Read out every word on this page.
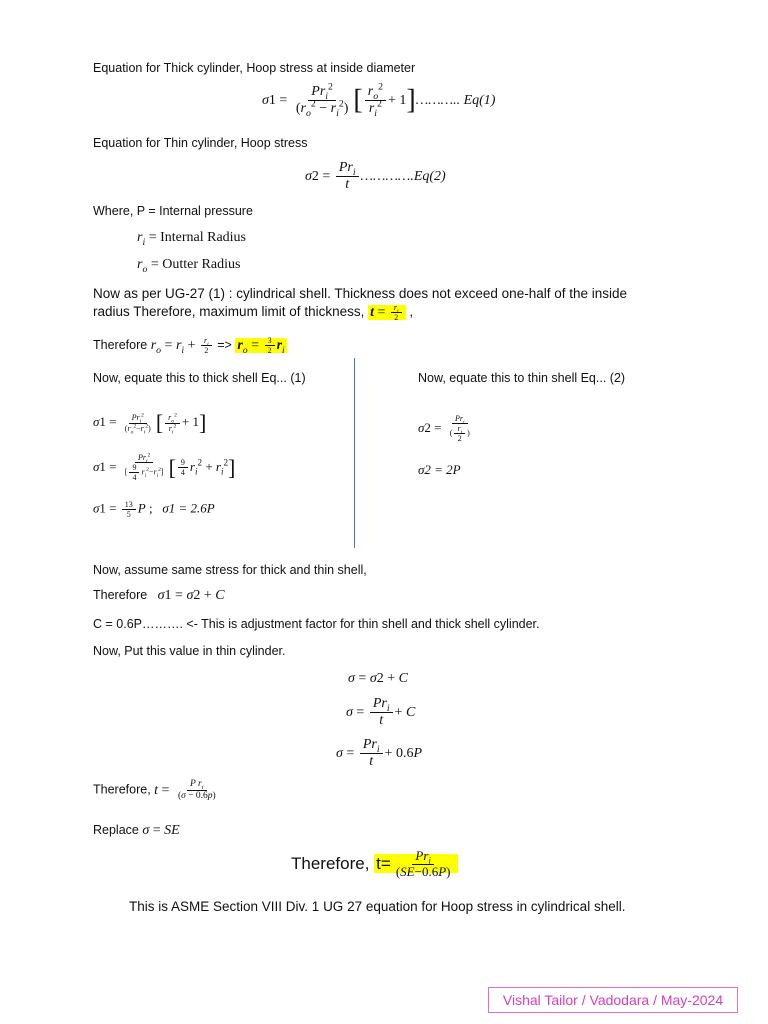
Equation for Thick cylinder, Hoop stress at inside diameter
$\sigma 1 = \frac{Pr_i^2}{(r_o^2 - r_i^2)}$ [ $\frac{r_o^2}{r_i^2}$ + 1]……….. Eq(1)
Equation for Thin cylinder, Hoop stress
$\sigma 2 = \frac{Pr_i}{t}$ ………….Eq(2)
Where, P = Internal pressure
$r_i$ = Internal Radius
$r_o$ = Outter Radius
Now as per UG-27 (1) : cylindrical shell. Thickness does not exceed one-half of the inside
radius Therefore, maximum limit of thickness, $t = \frac{r_i}{2}$ ,
Therefore $r_o = r_i + \frac{r_i}{2} => r_o = \frac{3}{2} r_i$
Now, equate this to thick shell Eq... (1)
$\sigma 1 = \frac{Pr_i^2}{(r_o^2-r_i^2)}$ [ $\frac{r_o^2}{r_i^2} + 1$]
$\sigma 1 = \frac{Pr_i^2}{[ \frac{9}{4} r_i^2-r_i^2]}$ [ $\frac{9}{4} r_i^2 + r_i^2$]
$\sigma 1 = \frac{13}{5}$ P ;   σ1 = 2.6P
Now, equate this to thin shell Eq... (2)
$\sigma 2 = \frac{Pr_i}{( \frac{r_i}{2} )}$
σ2 = 2P
Now, assume same stress for thick and thin shell,
Therefore σ1 = σ2 + C
C = 0.6P………. <- This is adjustment factor for thin shell and thick shell cylinder.
Now, Put this value in thin cylinder.
σ = σ2 + C
$\sigma = \frac{Pr_i}{t} + C$
$\sigma = \frac{Pr_i}{t} + 0.6P$
Therefore, $t = \frac{P r_i}{(\sigma - 0.6p)}$
Replace σ = SE
Therefore, $t= \frac{Pr_i}{(SE-0.6P)}$
This is ASME Section VIII Div. 1 UG 27 equation for Hoop stress in cylindrical shell.
Vishal Tailor / Vadodara / May-2024
